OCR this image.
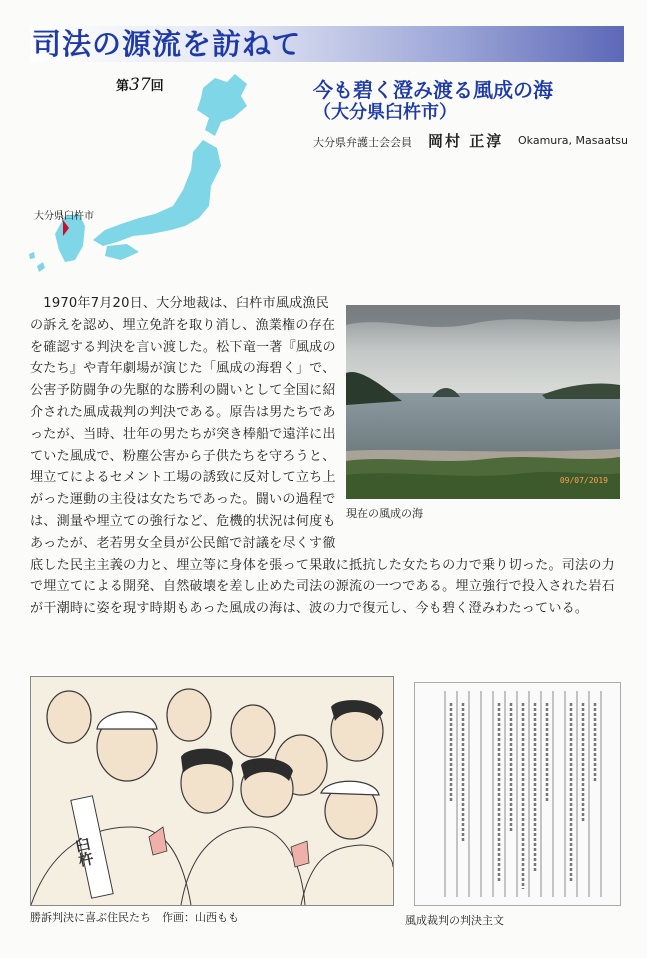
司法の源流を訪ねて
大分県臼杵市
第37回	今も碧く澄み渡る風成の海
（大分県臼杵市）
大分県弁護士会会員 岡村 正淳 Okamura, Masaatsu
　1970年7月20日、大分地裁は、臼杵市風成漁民の訴えを認め、埋立免許を取り消し、漁業権の存在を確認する判決を言い渡した。松下竜一著『風成の女たち』や青年劇場が演じた「風成の海碧く」で、公害予防闘争の先駆的な勝利の闘いとして全国に紹介された風成裁判の判決である。原告は男たちであったが、当時、壮年の男たちが突き棒船で遠洋に出ていた風成で、粉塵公害から子供たちを守ろうと、埋立てによるセメント工場の誘致に反対して立ち上がった運動の主役は女たちであった。闘いの過程では、測量や埋立ての強行など、危機的状況は何度もあったが、老若男女全員が公民館で討議を尽くす徹底した民主主義の力と、埋立等に身体を張って果敢に抵抗した女たちの力で乗り切った。司法の力で埋立てによる開発、自然破壊を差し止めた司法の源流の一つである。埋立強行で投入された岩石が干潮時に姿を現す時期もあった風成の海は、波の力で復元し、今も碧く澄みわたっている。
09/07/2019
現在の風成の海
臼杵
勝訴判決に喜ぶ住民たち　作画：山西もも	風成裁判の判決主文
